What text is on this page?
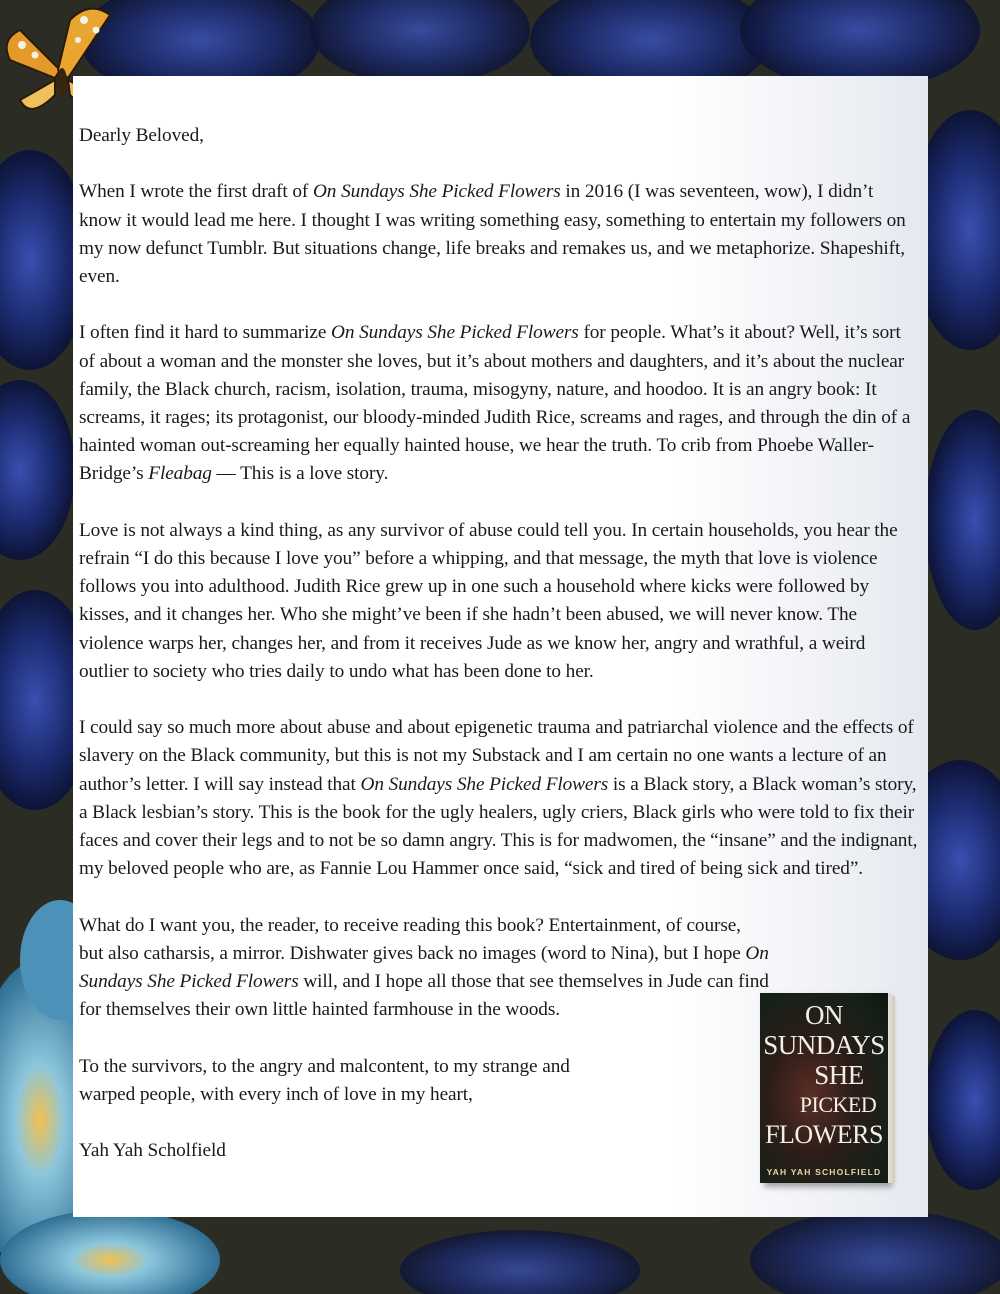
Dearly Beloved,

When I wrote the first draft of On Sundays She Picked Flowers in 2016 (I was seventeen, wow), I didn’t know it would lead me here. I thought I was writing something easy, something to entertain my followers on my now defunct Tumblr. But situations change, life breaks and remakes us, and we metaphorize. Shapeshift, even.

I often find it hard to summarize On Sundays She Picked Flowers for people. What’s it about? Well, it’s sort of about a woman and the monster she loves, but it’s about mothers and daughters, and it’s about the nuclear family, the Black church, racism, isolation, trauma, misogyny, nature, and hoodoo. It is an angry book: It screams, it rages; its protagonist, our bloody-minded Judith Rice, screams and rages, and through the din of a hainted woman out-screaming her equally hainted house, we hear the truth. To crib from Phoebe Waller-Bridge’s Fleabag — This is a love story.

Love is not always a kind thing, as any survivor of abuse could tell you. In certain households, you hear the refrain “I do this because I love you” before a whipping, and that message, the myth that love is violence follows you into adulthood. Judith Rice grew up in one such a household where kicks were followed by kisses, and it changes her. Who she might’ve been if she hadn’t been abused, we will never know. The violence warps her, changes her, and from it receives Jude as we know her, angry and wrathful, a weird outlier to society who tries daily to undo what has been done to her.

I could say so much more about abuse and about epigenetic trauma and patriarchal violence and the effects of slavery on the Black community, but this is not my Substack and I am certain no one wants a lecture of an author’s letter. I will say instead that On Sundays She Picked Flowers is a Black story, a Black woman’s story, a Black lesbian’s story. This is the book for the ugly healers, ugly criers, Black girls who were told to fix their faces and cover their legs and to not be so damn angry. This is for madwomen, the “insane” and the indignant, my beloved people who are, as Fannie Lou Hammer once said, “sick and tired of being sick and tired”.

What do I want you, the reader, to receive reading this book? Entertainment, of course, but also catharsis, a mirror. Dishwater gives back no images (word to Nina), but I hope On Sundays She Picked Flowers will, and I hope all those that see themselves in Jude can find for themselves their own little hainted farmhouse in the woods.

To the survivors, to the angry and malcontent, to my strange and warped people, with every inch of love in my heart,

Yah Yah Scholfield

ON
SUNDAYS
SHE
PICKED
FLOWERS
YAH YAH SCHOLFIELD
